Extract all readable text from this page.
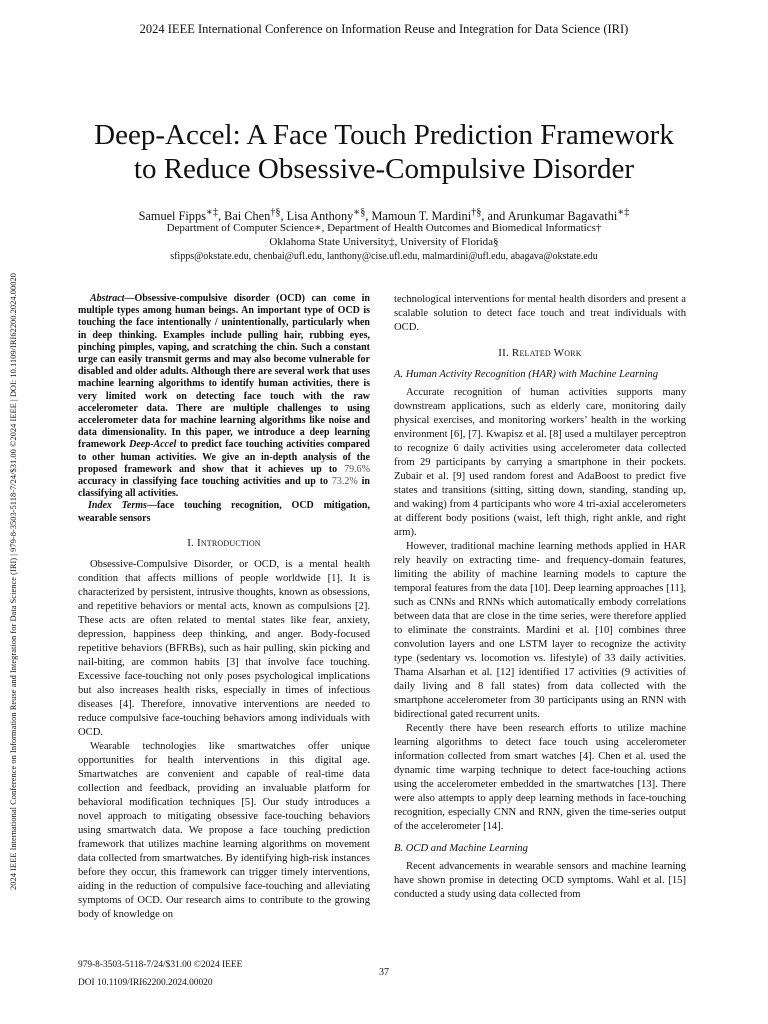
2024 IEEE International Conference on Information Reuse and Integration for Data Science (IRI)
2024 IEEE International Conference on Information Reuse and Integration for Data Science (IRI) | 979-8-3503-5118-7/24/$31.00 ©2024 IEEE | DOI: 10.1109/IRI62200.2024.00020
Deep-Accel: A Face Touch Prediction Framework
to Reduce Obsessive-Compulsive Disorder
Samuel Fipps∗‡, Bai Chen†§, Lisa Anthony∗§, Mamoun T. Mardini†§, and Arunkumar Bagavathi∗‡
Department of Computer Science∗, Department of Health Outcomes and Biomedical Informatics†
Oklahoma State University‡, University of Florida§
sfipps@okstate.edu, chenbai@ufl.edu, lanthony@cise.ufl.edu, malmardini@ufl.edu, abagava@okstate.edu

Abstract—Obsessive-compulsive disorder (OCD) can come in multiple types among human beings. An important type of OCD is touching the face intentionally / unintentionally, particularly when in deep thinking. Examples include pulling hair, rubbing eyes, pinching pimples, vaping, and scratching the chin. Such a constant urge can easily transmit germs and may also become vulnerable for disabled and older adults. Although there are several work that uses machine learning algorithms to identify human activities, there is very limited work on detecting face touch with the raw accelerometer data. There are multiple challenges to using accelerometer data for machine learning algorithms like noise and data dimensionality. In this paper, we introduce a deep learning framework Deep-Accel to predict face touching activities compared to other human activities. We give an in-depth analysis of the proposed framework and show that it achieves up to 79.6% accuracy in classifying face touching activities and up to 73.2% in classifying all activities.

Index Terms—face touching recognition, OCD mitigation, wearable sensors

I. Introduction

Obsessive-Compulsive Disorder, or OCD, is a mental health condition that affects millions of people worldwide [1]. It is characterized by persistent, intrusive thoughts, known as obsessions, and repetitive behaviors or mental acts, known as compulsions [2]. These acts are often related to mental states like fear, anxiety, depression, happiness deep thinking, and anger. Body-focused repetitive behaviors (BFRBs), such as hair pulling, skin picking and nail-biting, are common habits [3] that involve face touching. Excessive face-touching not only poses psychological implications but also increases health risks, especially in times of infectious diseases [4]. Therefore, innovative interventions are needed to reduce compulsive face-touching behaviors among individuals with OCD.

Wearable technologies like smartwatches offer unique opportunities for health interventions in this digital age. Smartwatches are convenient and capable of real-time data collection and feedback, providing an invaluable platform for behavioral modification techniques [5]. Our study introduces a novel approach to mitigating obsessive face-touching behaviors using smartwatch data. We propose a face touching prediction framework that utilizes machine learning algorithms on movement data collected from smartwatches. By identifying high-risk instances before they occur, this framework can trigger timely interventions, aiding in the reduction of compulsive face-touching and alleviating symptoms of OCD. Our research aims to contribute to the growing body of knowledge on

technological interventions for mental health disorders and present a scalable solution to detect face touch and treat individuals with OCD.

II. Related Work
A. Human Activity Recognition (HAR) with Machine Learning

Accurate recognition of human activities supports many downstream applications, such as elderly care, monitoring daily physical exercises, and monitoring workers’ health in the working environment [6], [7]. Kwapisz et al. [8] used a multilayer perceptron to recognize 6 daily activities using accelerometer data collected from 29 participants by carrying a smartphone in their pockets. Zubair et al. [9] used random forest and AdaBoost to predict five states and transitions (sitting, sitting down, standing, standing up, and waking) from 4 participants who wore 4 tri-axial accelerometers at different body positions (waist, left thigh, right ankle, and right arm).

However, traditional machine learning methods applied in HAR rely heavily on extracting time- and frequency-domain features, limiting the ability of machine learning models to capture the temporal features from the data [10]. Deep learning approaches [11], such as CNNs and RNNs which automatically embody correlations between data that are close in the time series, were therefore applied to eliminate the constraints. Mardini et al. [10] combines three convolution layers and one LSTM layer to recognize the activity type (sedentary vs. locomotion vs. lifestyle) of 33 daily activities. Thama Alsarhan et al. [12] identified 17 activities (9 activities of daily living and 8 fall states) from data collected with the smartphone accelerometer from 30 participants using an RNN with bidirectional gated recurrent units.

Recently there have been research efforts to utilize machine learning algorithms to detect face touch using accelerometer information collected from smart watches [4]. Chen et al. used the dynamic time warping technique to detect face-touching actions using the accelerometer embedded in the smartwatches [13]. There were also attempts to apply deep learning methods in face-touching recognition, especially CNN and RNN, given the time-series output of the accelerometer [14].

B. OCD and Machine Learning

Recent advancements in wearable sensors and machine learning have shown promise in detecting OCD symptoms. Wahl et al. [15] conducted a study using data collected from

979-8-3503-5118-7/24/$31.00 ©2024 IEEE
37
DOI 10.1109/IRI62200.2024.00020
